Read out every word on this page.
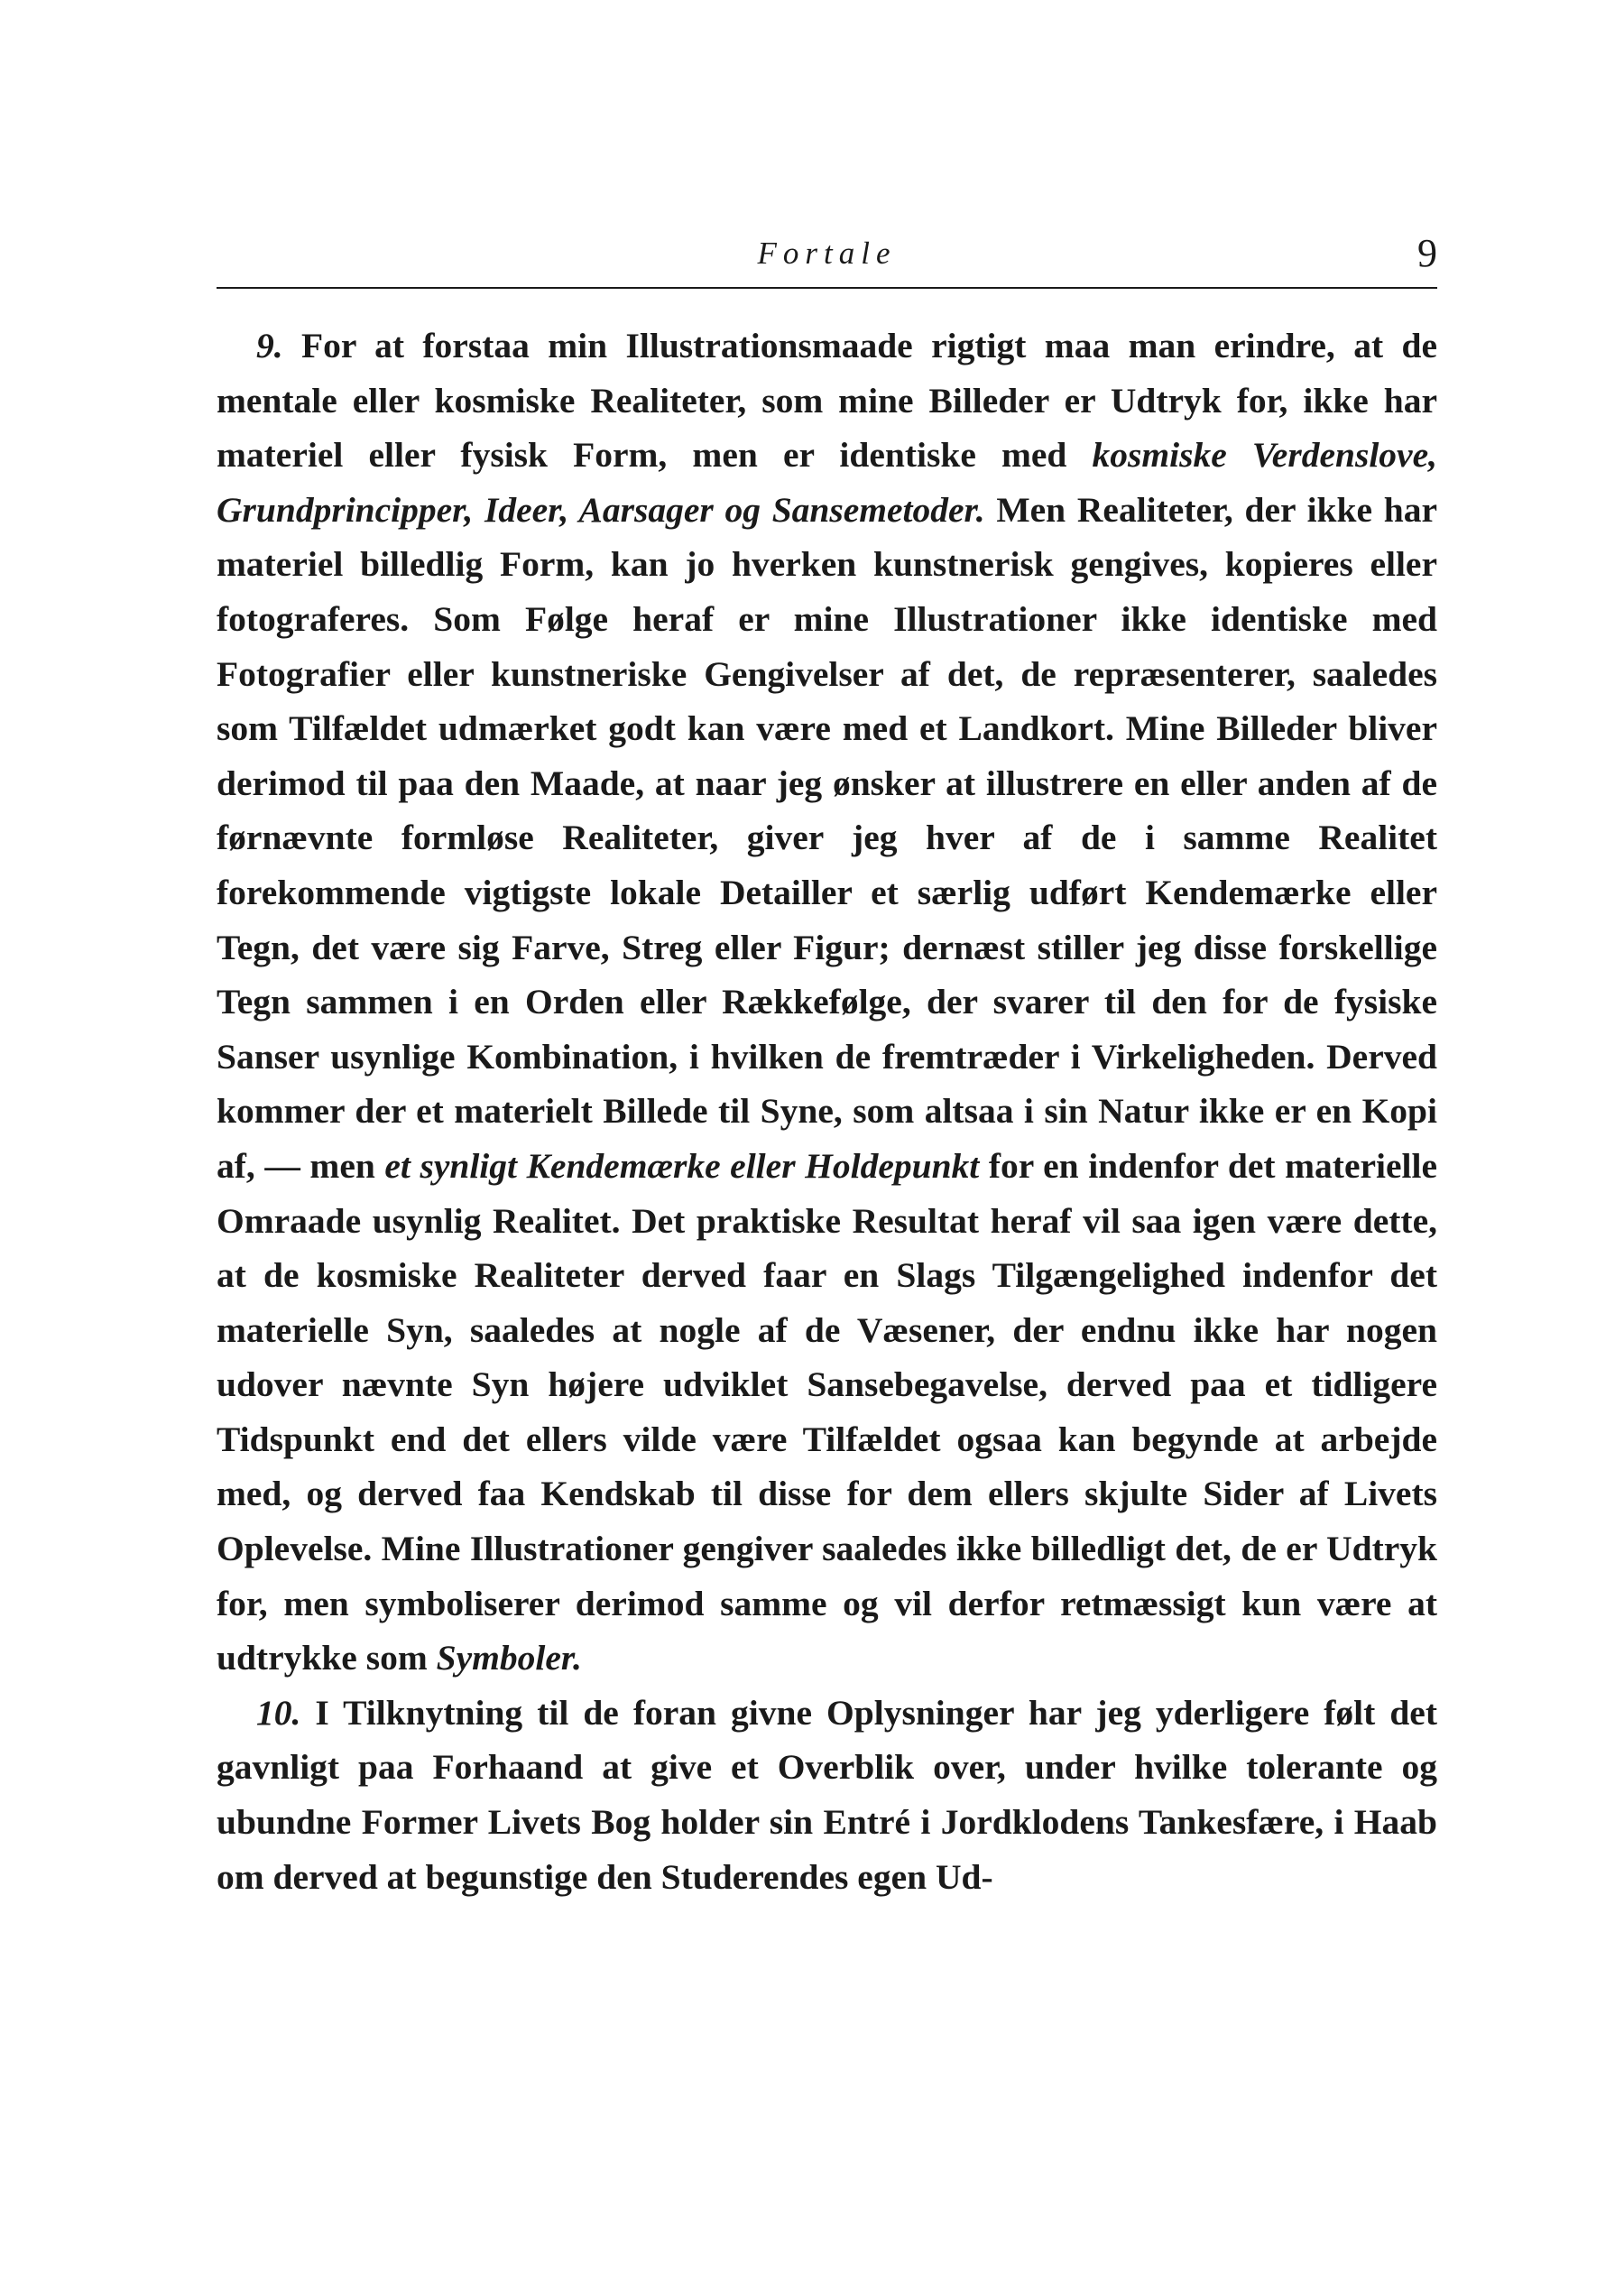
Fortale	9

9. For at forstaa min Illustrationsmaade rigtigt maa man erindre, at de mentale eller kosmiske Realiteter, som mine Billeder er Udtryk for, ikke har materiel eller fysisk Form, men er identiske med kosmiske Verdenslove, Grundprincipper, Ideer, Aarsager og Sansemetoder. Men Realiteter, der ikke har materiel billedlig Form, kan jo hverken kunstnerisk gengives, kopieres eller fotograferes. Som Følge heraf er mine Illustrationer ikke identiske med Fotografier eller kunstneriske Gengivelser af det, de repræsenterer, saaledes som Tilfældet udmærket godt kan være med et Landkort. Mine Billeder bliver derimod til paa den Maade, at naar jeg ønsker at illustrere en eller anden af de førnævnte formløse Realiteter, giver jeg hver af de i samme Realitet forekommende vigtigste lokale Detailler et særlig udført Kendemærke eller Tegn, det være sig Farve, Streg eller Figur; dernæst stiller jeg disse forskellige Tegn sammen i en Orden eller Rækkefølge, der svarer til den for de fysiske Sanser usynlige Kombination, i hvilken de fremtræder i Virkeligheden. Derved kommer der et materielt Billede til Syne, som altsaa i sin Natur ikke er en Kopi af, — men et synligt Kendemærke eller Holdepunkt for en indenfor det materielle Omraade usynlig Realitet. Det praktiske Resultat heraf vil saa igen være dette, at de kosmiske Realiteter derved faar en Slags Tilgængelighed indenfor det materielle Syn, saaledes at nogle af de Væsener, der endnu ikke har nogen udover nævnte Syn højere udviklet Sansebegavelse, derved paa et tidligere Tidspunkt end det ellers vilde være Tilfældet ogsaa kan begynde at arbejde med, og derved faa Kendskab til disse for dem ellers skjulte Sider af Livets Oplevelse. Mine Illustrationer gengiver saaledes ikke billedligt det, de er Udtryk for, men symboliserer derimod samme og vil derfor retmæssigt kun være at udtrykke som Symboler.

10. I Tilknytning til de foran givne Oplysninger har jeg yderligere følt det gavnligt paa Forhaand at give et Overblik over, under hvilke tolerante og ubundne Former Livets Bog holder sin Entré i Jordklodens Tankesfære, i Haab om derved at begunstige den Studerendes egen Ud-
